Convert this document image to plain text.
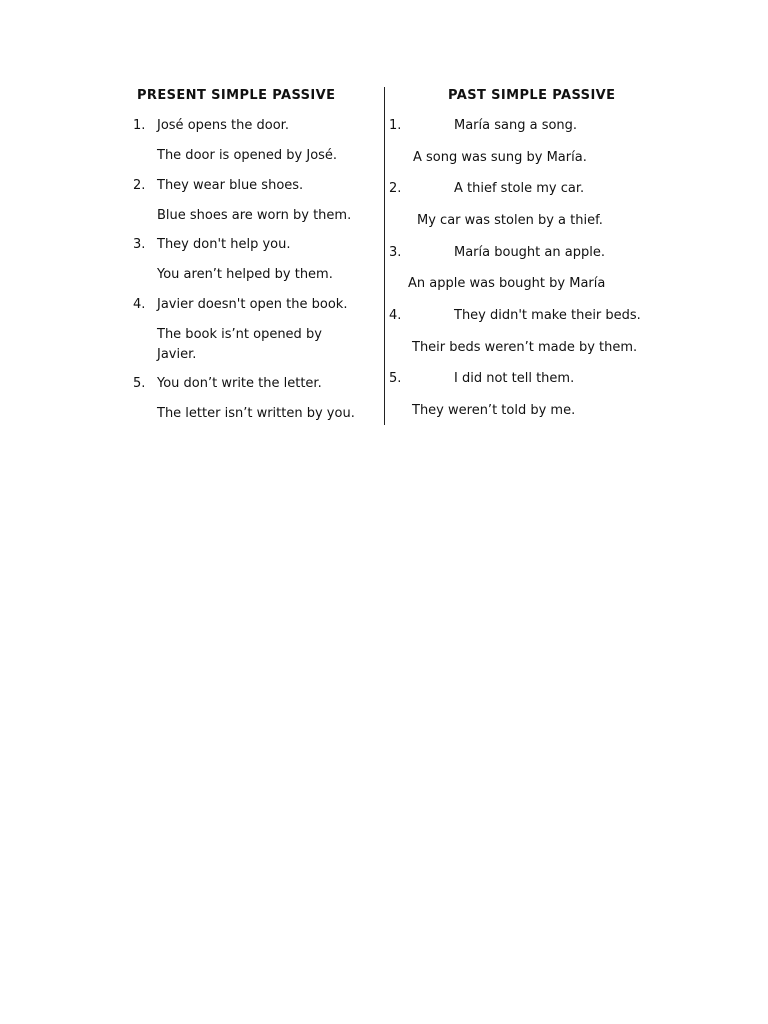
PRESENT SIMPLE PASSIVE
1. José opens the door.
The door is opened by José.
2. They wear blue shoes.
Blue shoes are worn by them.
3. They don't help you.
You aren’t helped by them.
4. Javier doesn't open the book.
The book is’nt opened by Javier.
5. You don’t write the letter.
The letter isn’t written by you.
PAST SIMPLE PASSIVE
1.	María sang a song.
A song was sung by María.
2.	A thief stole my car.
My car was stolen by a thief.
3.	María bought an apple.
An apple was bought by María
4.	They didn't make their beds.
Their beds weren’t made by them.
5.	I did not tell them.
They weren’t told by me.
